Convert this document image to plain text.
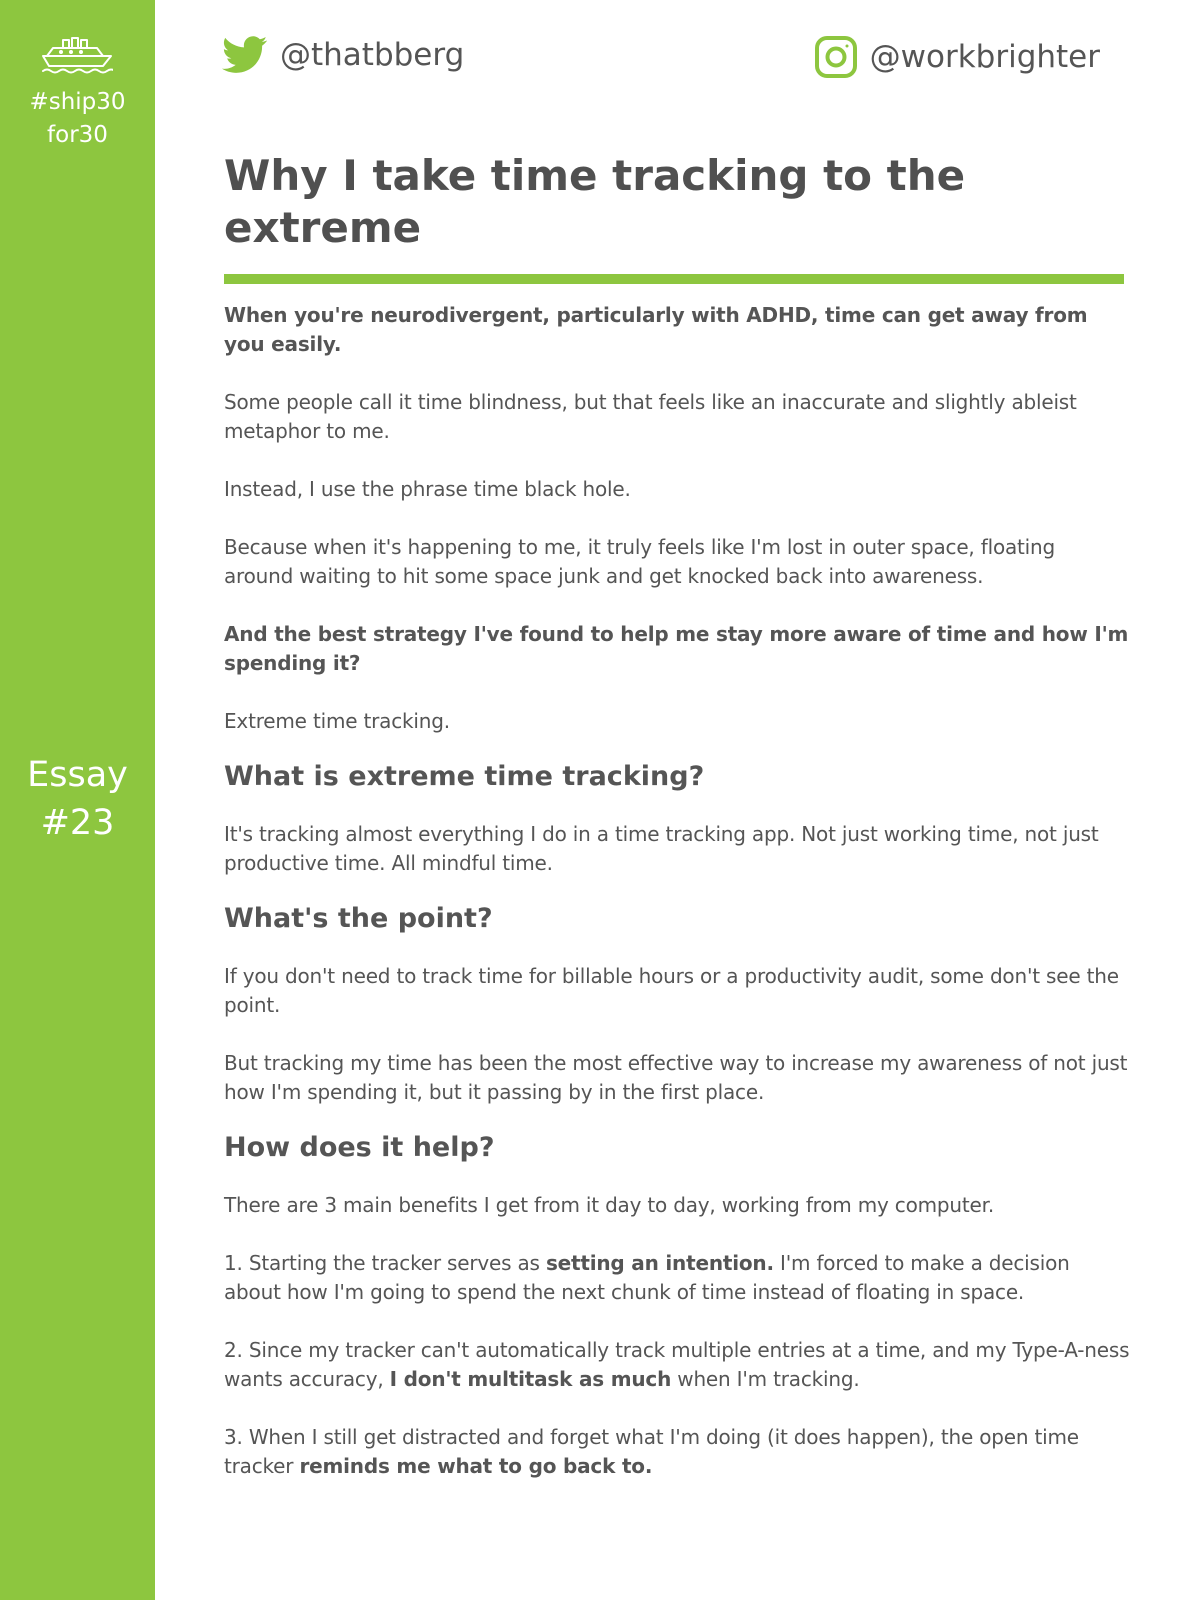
#ship30
for30
Essay
#23
@thatbberg	@workbrighter
Why I take time tracking to the extreme

When you're neurodivergent, particularly with ADHD, time can get away from you easily.

Some people call it time blindness, but that feels like an inaccurate and slightly ableist metaphor to me.

Instead, I use the phrase time black hole.

Because when it's happening to me, it truly feels like I'm lost in outer space, floating around waiting to hit some space junk and get knocked back into awareness.

And the best strategy I've found to help me stay more aware of time and how I'm spending it?

Extreme time tracking.

What is extreme time tracking?

It's tracking almost everything I do in a time tracking app. Not just working time, not just productive time. All mindful time.

What's the point?

If you don't need to track time for billable hours or a productivity audit, some don't see the point.

But tracking my time has been the most effective way to increase my awareness of not just how I'm spending it, but it passing by in the first place.

How does it help?

There are 3 main benefits I get from it day to day, working from my computer.

1. Starting the tracker serves as setting an intention. I'm forced to make a decision about how I'm going to spend the next chunk of time instead of floating in space.

2. Since my tracker can't automatically track multiple entries at a time, and my Type-A-ness wants accuracy, I don't multitask as much when I'm tracking.

3. When I still get distracted and forget what I'm doing (it does happen), the open time tracker reminds me what to go back to.
